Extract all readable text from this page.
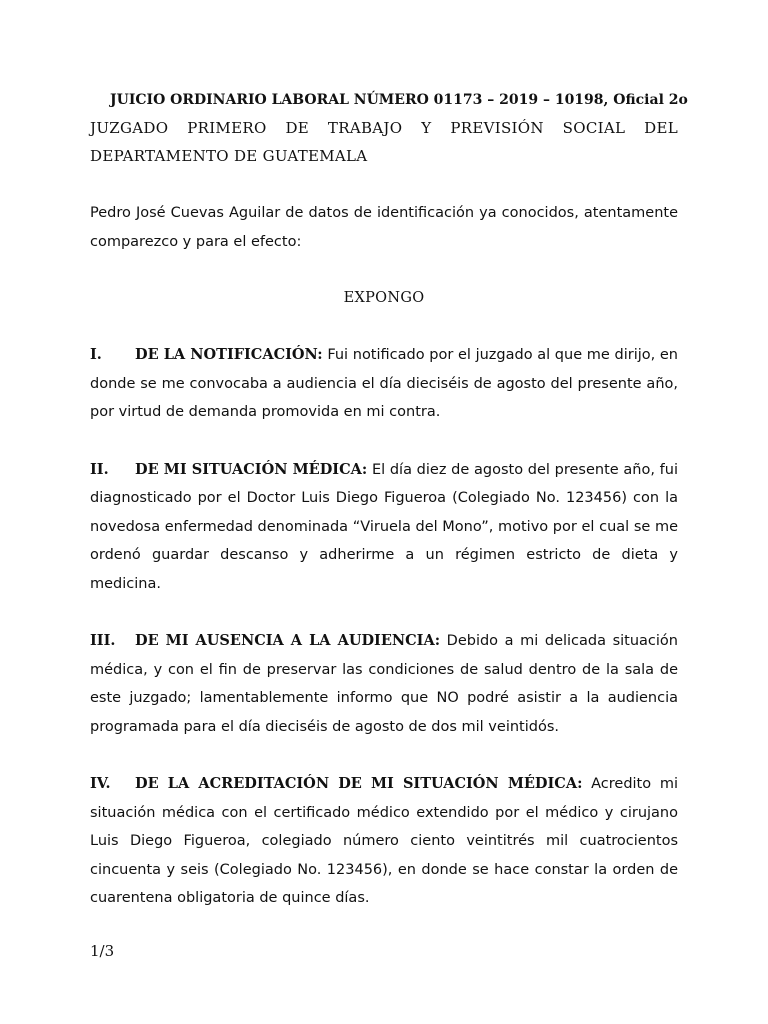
JUICIO ORDINARIO LABORAL NÚMERO 01173 – 2019 – 10198, Oficial 2o

JUZGADO PRIMERO DE TRABAJO Y PREVISIÓN SOCIAL DEL
DEPARTAMENTO DE GUATEMALA

Pedro José Cuevas Aguilar de datos de identificación ya conocidos, atentamente comparezco y para el efecto:

EXPONGO

I. DE LA NOTIFICACIÓN: Fui notificado por el juzgado al que me dirijo, en donde se me convocaba a audiencia el día dieciséis de agosto del presente año, por virtud de demanda promovida en mi contra.

II. DE MI SITUACIÓN MÉDICA: El día diez de agosto del presente año, fui diagnosticado por el Doctor Luis Diego Figueroa (Colegiado No. 123456) con la novedosa enfermedad denominada “Viruela del Mono”, motivo por el cual se me ordenó guardar descanso y adherirme a un régimen estricto de dieta y medicina.

III. DE MI AUSENCIA A LA AUDIENCIA: Debido a mi delicada situación médica, y con el fin de preservar las condiciones de salud dentro de la sala de este juzgado; lamentablemente informo que NO podré asistir a la audiencia programada para el día dieciséis de agosto de dos mil veintidós.

IV. DE LA ACREDITACIÓN DE MI SITUACIÓN MÉDICA: Acredito mi situación médica con el certificado médico extendido por el médico y cirujano Luis Diego Figueroa, colegiado número ciento veintitrés mil cuatrocientos cincuenta y seis (Colegiado No. 123456), en donde se hace constar la orden de cuarentena obligatoria de quince días.

1/3
